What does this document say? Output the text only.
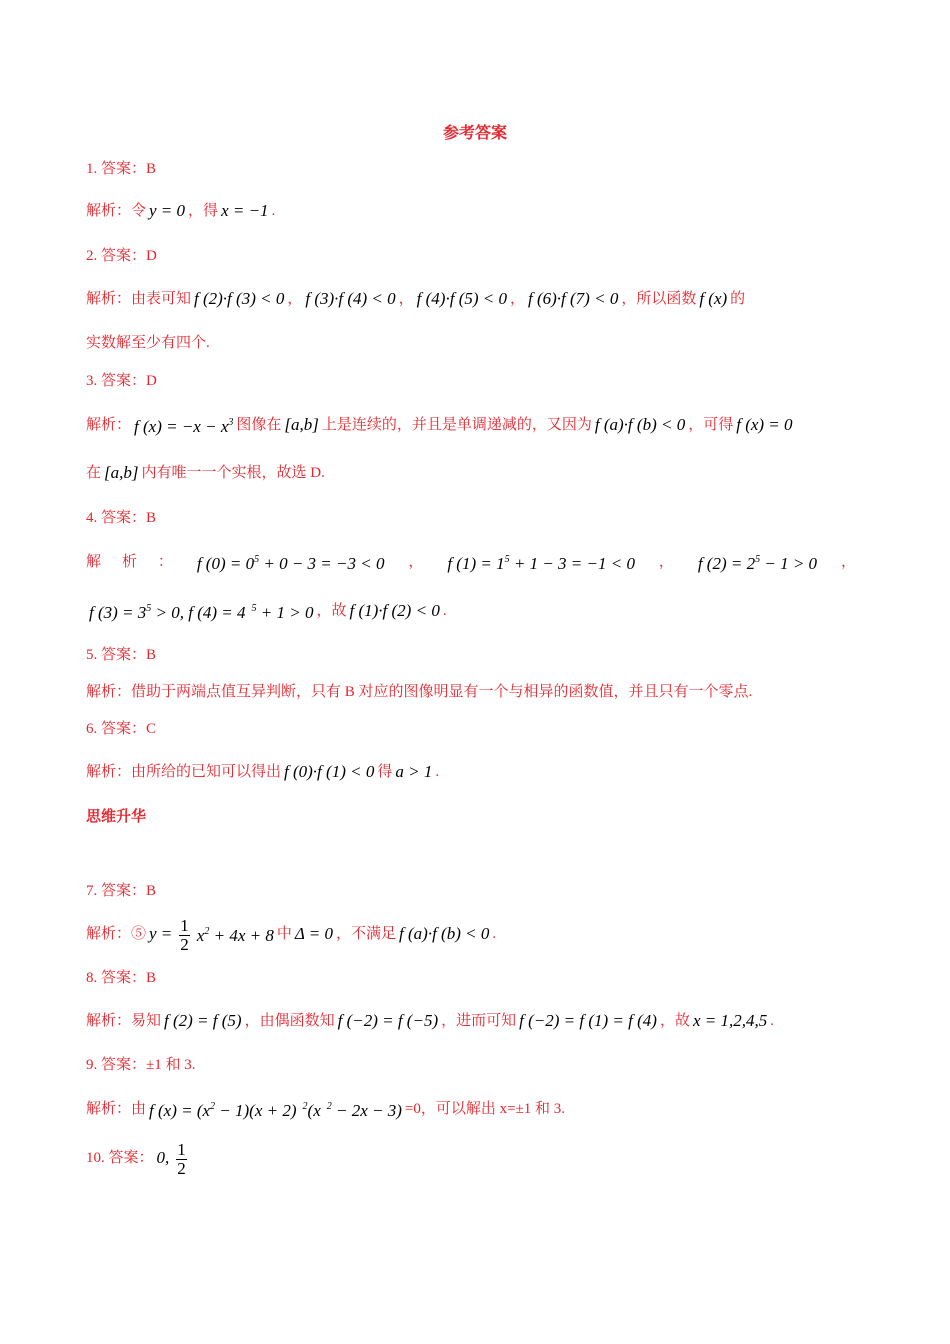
参考答案
1. 答案：B
解析：令 y = 0 ，得 x = −1 .
2. 答案：D
解析：由表可知 f (2)·f (3) < 0 ， f (3)·f (4) < 0 ， f (4)·f (5) < 0 ， f (6)·f (7) < 0 ，所以函数 f (x) 的
实数解至少有四个.
3. 答案：D
解析： f $(x) = -x - x^3$ 图像在 [a,b] 上是连续的，并且是单调递减的，又因为 f (a)·f (b) < 0 ，可得 f (x) = 0
在 [a,b] 内有唯一一个实根，故选 D.
4. 答案：B
解 析 ： f $(0) = 0^5 + 0 - 3 = -3 < 0$ ， f $(1) = 1^5 + 1 - 3 = -1 < 0$ ， f $(2) = 2^5 - 1 > 0$ ，
f $(3) = 3^5 > 0$, f (4) = 4 $^5$ + 1 > 0 ，故 f (1)·f (2) < 0 .
5. 答案：B
解析：借助于两端点值互异判断，只有 B 对应的图像明显有一个与相异的函数值，并且只有一个零点.
6. 答案：C
解析：由所给的已知可以得出 f (0)·f (1) < 0 得 a > 1 .
思维升华
7. 答案：B
解析：⑤ $y = \frac{1}{2} x^2 + 4x + 8$ 中 Δ = 0 ，不满足 f (a)·f (b) < 0 .
8. 答案：B
解析：易知 f (2) = f (5) ，由偶函数知 f (−2) = f (−5) ，进而可知 f (−2) = f (1) = f (4) ，故 x = 1,2,4,5 .
9. 答案：±1 和 3.
解析：由 f $(x) = (x^2 - 1)(x + 2)$ $^2$(x $^2$ − 2x − 3) =0，可以解出 x=±1 和 3.
10. 答案： 0, $\frac{1}{2}$
